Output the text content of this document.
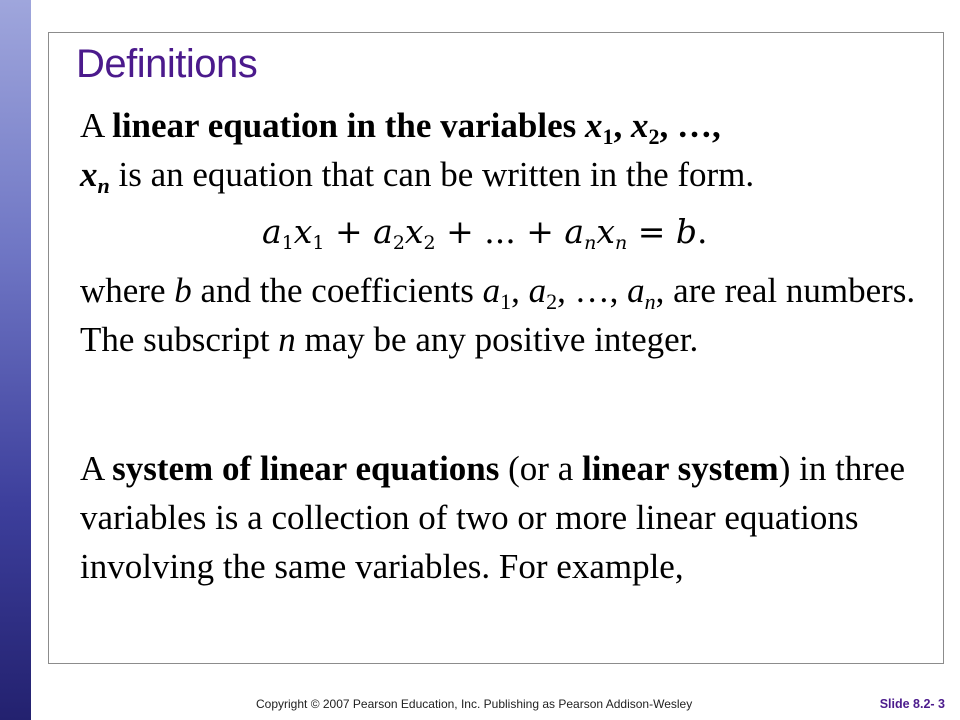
Definitions

A linear equation in the variables $x_1$, $x_2$, …,
$x_n$ is an equation that can be written in the form.

$a_1x_1 + a_2x_2$ + ... + $a_nx_n = b$.

where b and the coefficients $a_1$, $a_2$, …, $a_n$, are real numbers. The subscript n may be any positive integer.

A system of linear equations (or a linear system) in three variables is a collection of two or more linear equations involving the same variables. For example,

Copyright © 2007 Pearson Education, Inc. Publishing as Pearson Addison-Wesley	Slide 8.2- 3
